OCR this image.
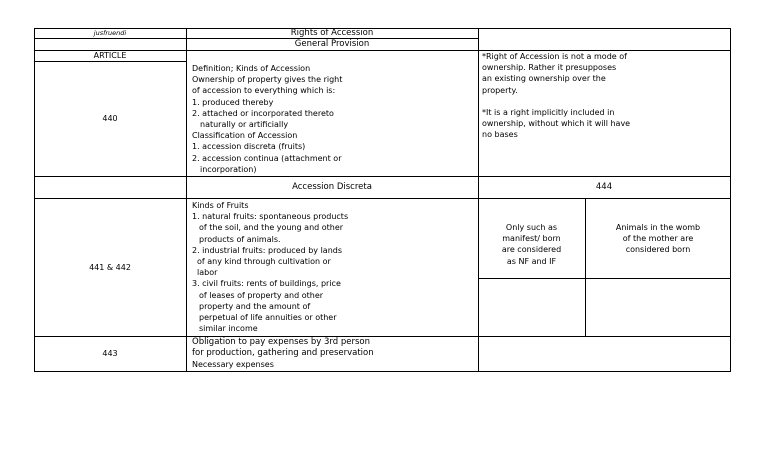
jusfruendi	Rights of Accession
General Provision
ARTICLE
440
Definition; Kinds of Accession
Ownership of property gives the right
of accession to everything which is:
1. produced thereby
2. attached or incorporated thereto
naturally or artificially
Classification of Accession
1. accession discreta (fruits)
2. accession continua (attachment or
incorporation)
*Right of Accession is not a mode of
ownership. Rather it presupposes
an existing ownership over the
property.
*It is a right implicitly included in
ownership, without which it will have
no bases
Accession Discreta	444
441 & 442
Kinds of Fruits
1. natural fruits: spontaneous products
of the soil, and the young and other
products of animals.
2. industrial fruits: produced by lands
of any kind through cultivation or
labor
3. civil fruits: rents of buildings, price
of leases of property and other
property and the amount of
perpetual of life annuities or other
similar income
Only such as
manifest/ born
are considered
as NF and IF
Animals in the womb
of the mother are
considered born
443
Obligation to pay expenses by 3rd person
for production, gathering and preservation
Necessary expenses
